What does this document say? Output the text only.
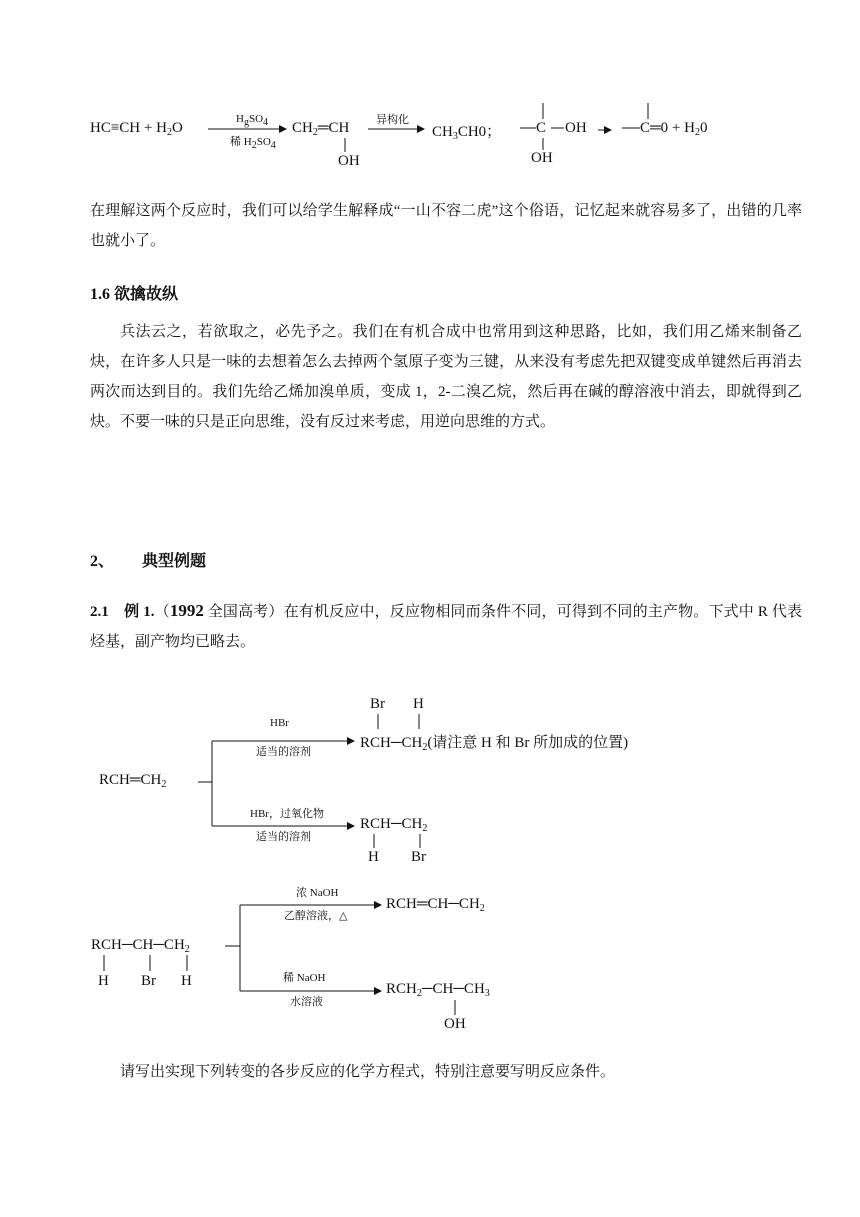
$HC\equiv CH + H_2O$
$H_gSO_4$
稀 $H_2SO_4$
$CH_2═CH$
OH
异构化
$CH_3CH0$； C OH
OH
C═0 + $H_20$
在理解这两个反应时，我们可以给学生解释成“一山不容二虎”这个俗语，记忆起来就容易多了，出错的几率也就小了。
1.6 欲擒故纵
兵法云之，若欲取之，必先予之。我们在有机合成中也常用到这种思路，比如，我们用乙烯来制备乙炔，在许多人只是一味的去想着怎么去掉两个氢原子变为三键，从来没有考虑先把双键变成单键然后再消去两次而达到目的。我们先给乙烯加溴单质，变成 1，2-二溴乙烷，然后再在碱的醇溶液中消去，即就得到乙炔。不要一味的只是正向思维，没有反过来考虑，用逆向思维的方式。
2、 典型例题
2.1　例 1.（1992 全国高考）在有机反应中，反应物相同而条件不同，可得到不同的主产物。下式中 R 代表烃基，副产物均已略去。
$RCH═CH_2$
HBr
适当的溶剂
Br H
$RCH─CH_2$(请注意 H 和 Br 所加成的位置)
HBr，过氧化物
适当的溶剂
$RCH─CH_2$
H Br
$RCH─CH─CH_2$
H Br H
浓 NaOH
乙醇溶液，△
$RCH═CH─CH_2$
稀 NaOH
水溶液
$RCH_2─CH─CH_3$
OH
请写出实现下列转变的各步反应的化学方程式，特别注意要写明反应条件。
